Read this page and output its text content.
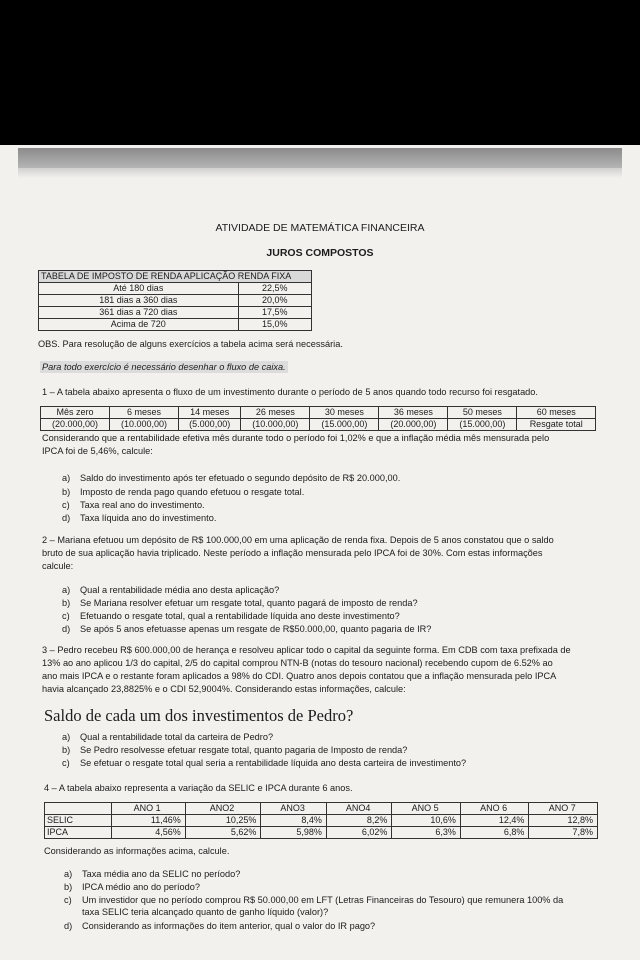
ATIVIDADE DE MATEMÁTICA FINANCEIRA
JUROS COMPOSTOS
TABELA DE IMPOSTO DE RENDA APLICAÇÃO RENDA FIXA	
Até 180 dias	22,5%
181 dias a 360 dias	20,0%
361 dias a 720 dias	17,5%
Acima de 720	15,0%
OBS. Para resolução de alguns exercícios a tabela acima será necessária.
Para todo exercício é necessário desenhar o fluxo de caixa.
1 – A tabela abaixo apresenta o fluxo de um investimento durante o período de 5 anos quando todo recurso foi resgatado.
Mês zero	6 meses	14 meses	26 meses	30 meses	36 meses	50 meses	60 meses
(20.000,00)	(10.000,00)	(5.000,00)	(10.000,00)	(15.000,00)	(20.000,00)	(15.000,00)	Resgate total
Considerando que a rentabilidade efetiva mês durante todo o período foi 1,02% e que a inflação média mês mensurada pelo
IPCA foi de 5,46%, calcule:
a) Saldo do investimento após ter efetuado o segundo depósito de R$ 20.000,00.
b) Imposto de renda pago quando efetuou o resgate total.
c) Taxa real ano do investimento.
d) Taxa líquida ano do investimento.
2 – Mariana efetuou um depósito de R$ 100.000,00 em uma aplicação de renda fixa. Depois de 5 anos constatou que o saldo
bruto de sua aplicação havia triplicado. Neste período a inflação mensurada pelo IPCA foi de 30%. Com estas informações
calcule:
a) Qual a rentabilidade média ano desta aplicação?
b) Se Mariana resolver efetuar um resgate total, quanto pagará de imposto de renda?
c) Efetuando o resgate total, qual a rentabilidade líquida ano deste investimento?
d) Se após 5 anos efetuasse apenas um resgate de R$50.000,00, quanto pagaria de IR?
3 – Pedro recebeu R$ 600.000,00 de herança e resolveu aplicar todo o capital da seguinte forma. Em CDB com taxa prefixada de
13% ao ano aplicou 1/3 do capital, 2/5 do capital comprou NTN-B (notas do tesouro nacional) recebendo cupom de 6.52% ao
ano mais IPCA e o restante foram aplicados a 98% do CDI. Quatro anos depois contatou que a inflação mensurada pelo IPCA
havia alcançado 23,8825% e o CDI 52,9004%. Considerando estas informações, calcule:
Saldo de cada um dos investimentos de Pedro?
a) Qual a rentabilidade total da carteira de Pedro?
b) Se Pedro resolvesse efetuar resgate total, quanto pagaria de Imposto de renda?
c) Se efetuar o resgate total qual seria a rentabilidade líquida ano desta carteira de investimento?
4 – A tabela abaixo representa a variação da SELIC e IPCA durante 6 anos.
	ANO 1	ANO2	ANO3	ANO4	ANO 5	ANO 6	ANO 7
SELIC	11,46%	10,25%	8,4%	8,2%	10,6%	12,4%	12,8%
IPCA	4,56%	5,62%	5,98%	6,02%	6,3%	6,8%	7,8%
Considerando as informações acima, calcule.
a) Taxa média ano da SELIC no período?
b) IPCA médio ano do período?
c) Um investidor que no período comprou R$ 50.000,00 em LFT (Letras Financeiras do Tesouro) que remunera 100% da
taxa SELIC teria alcançado quanto de ganho líquido (valor)?
d) Considerando as informações do item anterior, qual o valor do IR pago?
